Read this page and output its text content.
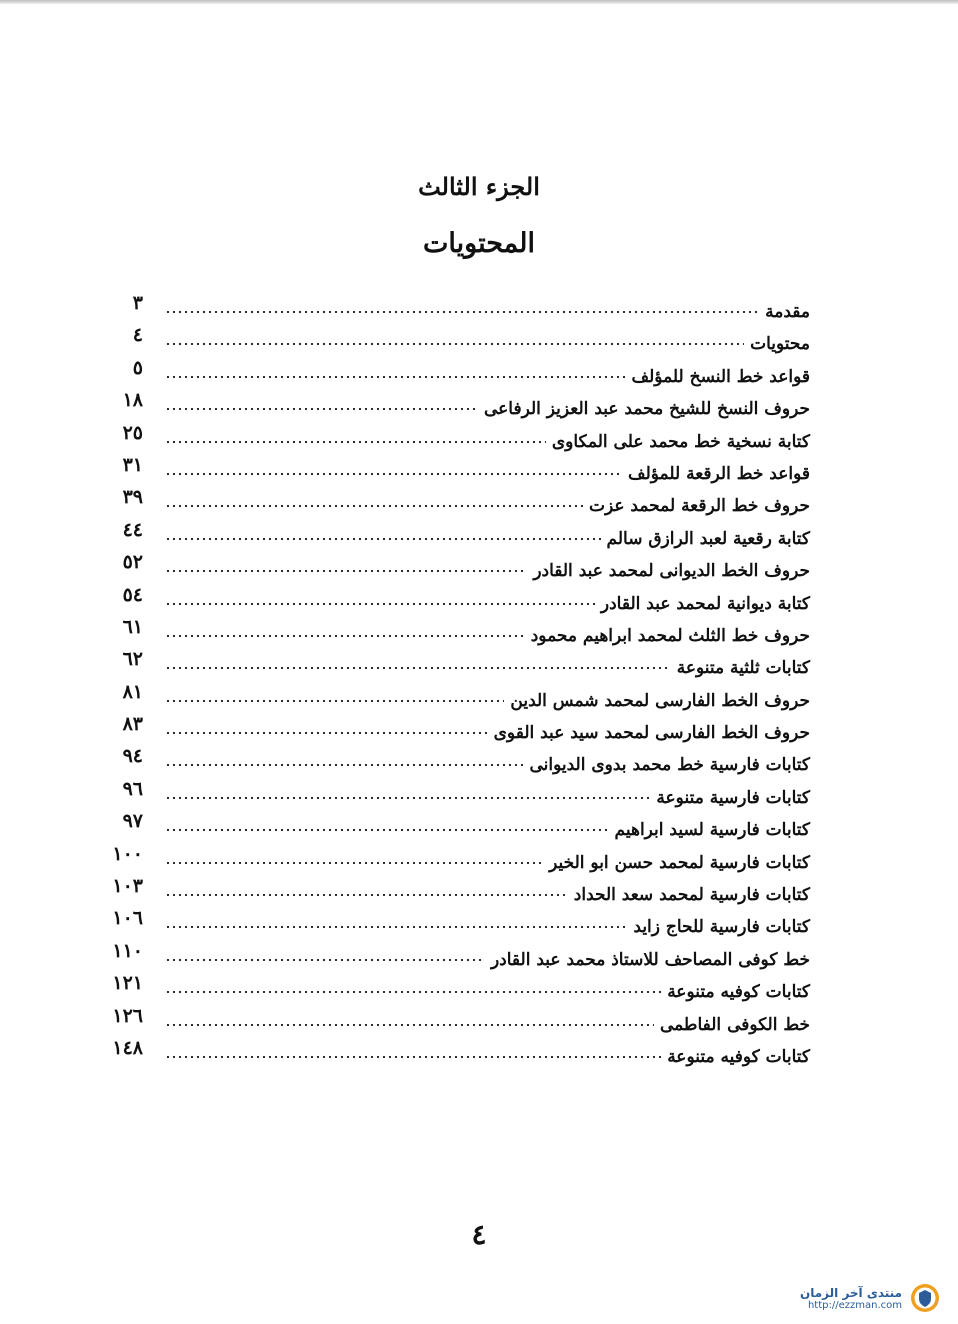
الجزء الثالث
المحتويات
٣	مقدمة
٤	محتويات
٥	قواعد خط النسخ للمؤلف
١٨	حروف النسخ للشيخ محمد عبد العزيز الرفاعى
٢٥	كتابة نسخية خط محمد على المكاوى
٣١	قواعد خط الرقعة للمؤلف
٣٩	حروف خط الرقعة لمحمد عزت
٤٤	كتابة رقعية لعبد الرازق سالم
٥٢	حروف الخط الديوانى لمحمد عبد القادر
٥٤	كتابة ديوانية لمحمد عبد القادر
٦١	حروف خط الثلث لمحمد ابراهيم محمود
٦٢	كتابات ثلثية متنوعة
٨١	حروف الخط الفارسى لمحمد شمس الدين
٨٣	حروف الخط الفارسى لمحمد سيد عبد القوى
٩٤	كتابات فارسية خط محمد بدوى الديوانى
٩٦	كتابات فارسية متنوعة
٩٧	كتابات فارسية لسيد ابراهيم
١٠٠	كتابات فارسية لمحمد حسن ابو الخير
١٠٣	كتابات فارسية لمحمد سعد الحداد
١٠٦	كتابات فارسية للحاج زايد
١١٠	خط كوفى المصاحف للاستاذ محمد عبد القادر
١٢١	كتابات كوفيه متنوعة
١٢٦	خط الكوفى الفاطمى
١٤٨	كتابات كوفيه متنوعة
٤
منتدى آخر الزمان
http://ezzman.com
